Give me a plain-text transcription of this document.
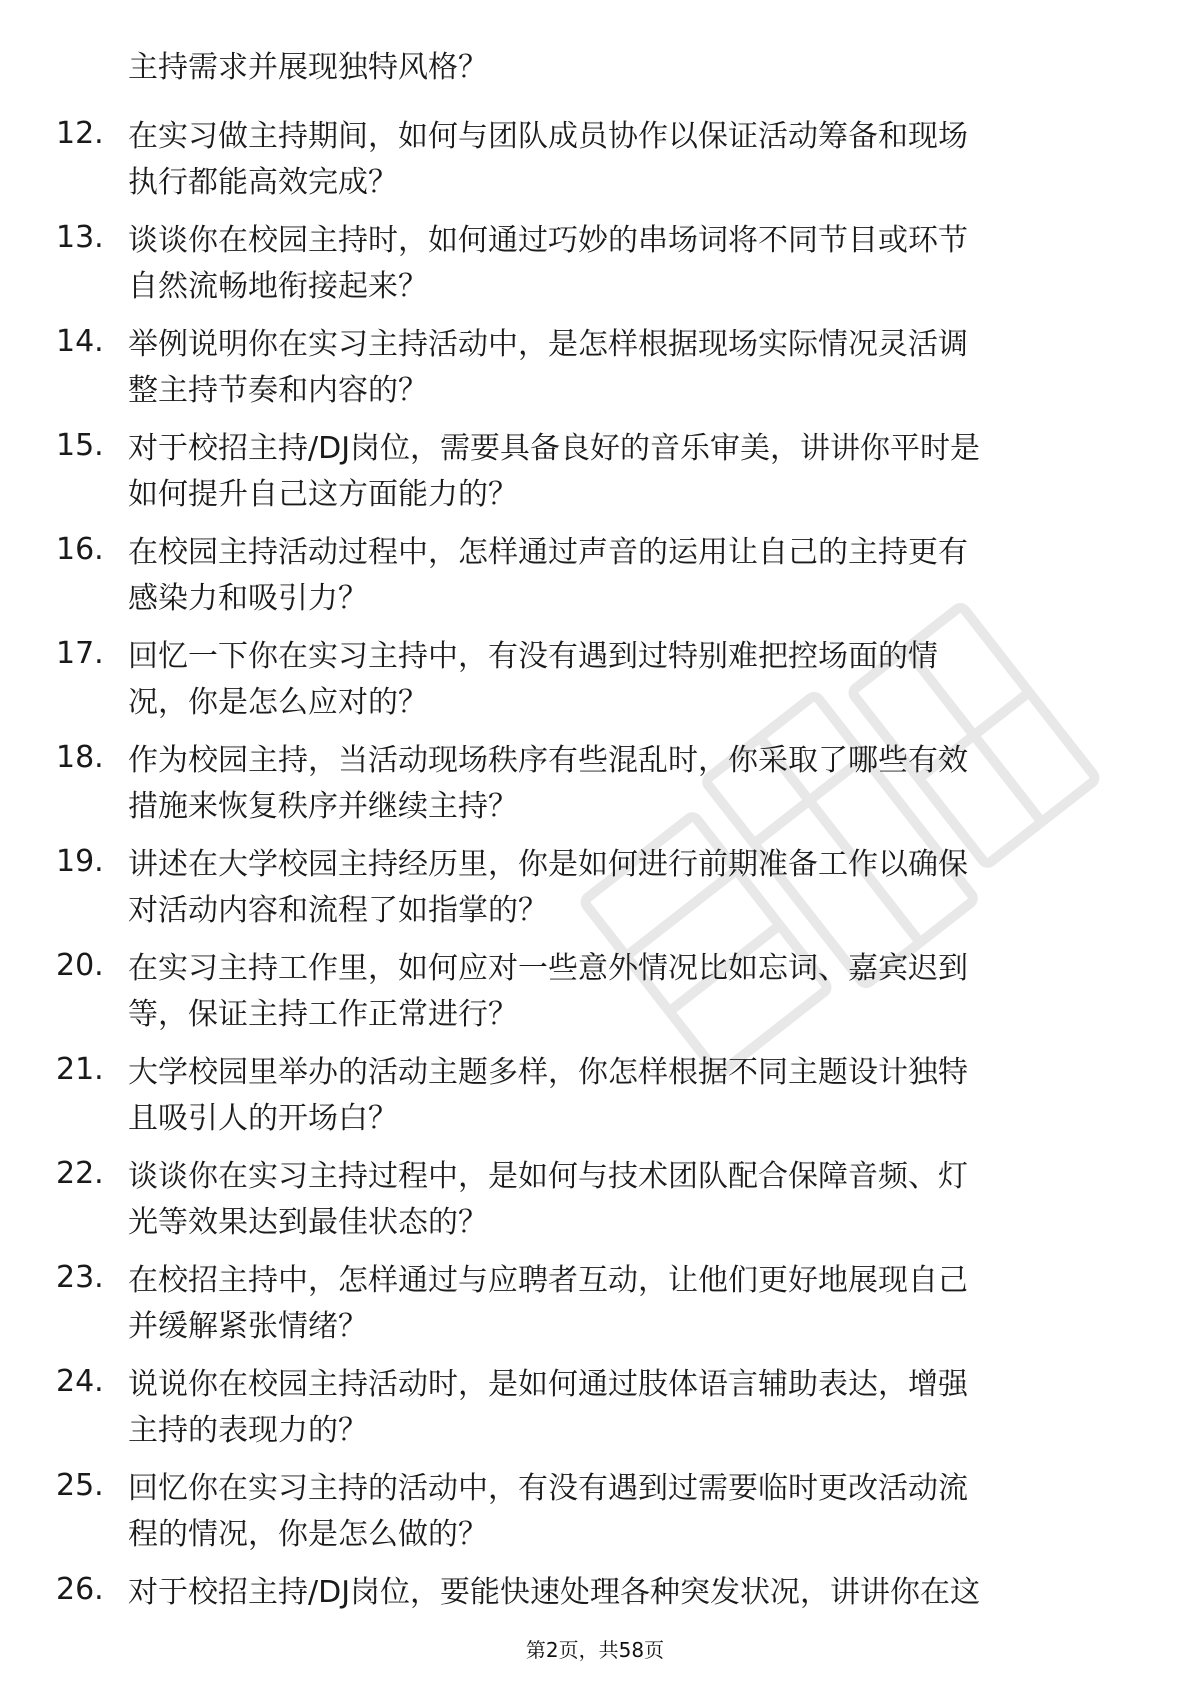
主持需求并展现独特风格？
12. 在实习做主持期间，如何与团队成员协作以保证活动筹备和现场
执行都能高效完成？
13. 谈谈你在校园主持时，如何通过巧妙的串场词将不同节目或环节
自然流畅地衔接起来？
14. 举例说明你在实习主持活动中，是怎样根据现场实际情况灵活调
整主持节奏和内容的？
15. 对于校招主持/DJ岗位，需要具备良好的音乐审美，讲讲你平时是
如何提升自己这方面能力的？
16. 在校园主持活动过程中，怎样通过声音的运用让自己的主持更有
感染力和吸引力？
17. 回忆一下你在实习主持中，有没有遇到过特别难把控场面的情
况，你是怎么应对的？
18. 作为校园主持，当活动现场秩序有些混乱时，你采取了哪些有效
措施来恢复秩序并继续主持？
19. 讲述在大学校园主持经历里，你是如何进行前期准备工作以确保
对活动内容和流程了如指掌的？
20. 在实习主持工作里，如何应对一些意外情况比如忘词、嘉宾迟到
等，保证主持工作正常进行？
21. 大学校园里举办的活动主题多样，你怎样根据不同主题设计独特
且吸引人的开场白？
22. 谈谈你在实习主持过程中，是如何与技术团队配合保障音频、灯
光等效果达到最佳状态的？
23. 在校招主持中，怎样通过与应聘者互动，让他们更好地展现自己
并缓解紧张情绪？
24. 说说你在校园主持活动时，是如何通过肢体语言辅助表达，增强
主持的表现力的？
25. 回忆你在实习主持的活动中，有没有遇到过需要临时更改活动流
程的情况，你是怎么做的？
26. 对于校招主持/DJ岗位，要能快速处理各种突发状况，讲讲你在这
第2页，共58页
